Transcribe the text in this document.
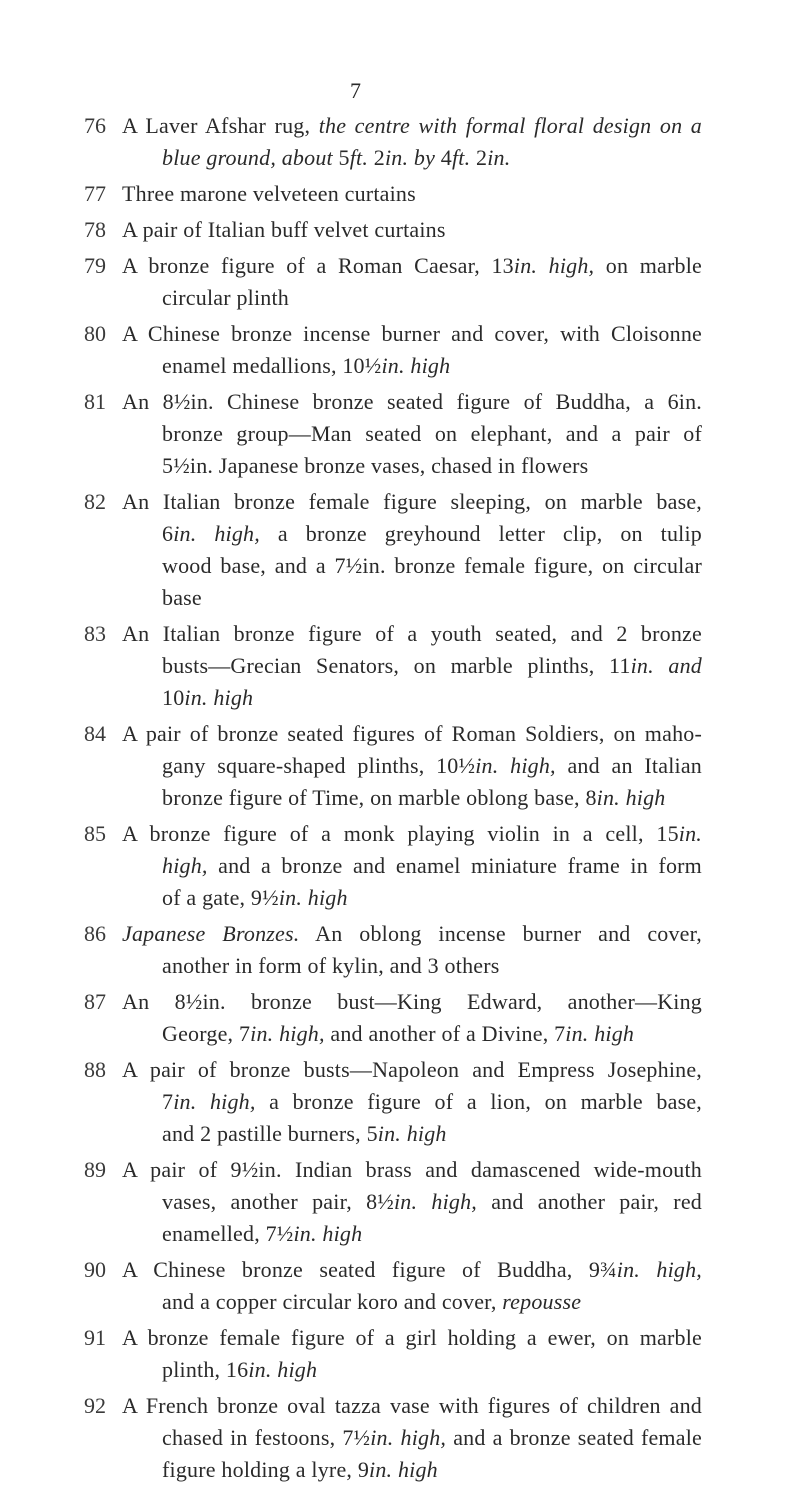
7
76 A Laver Afshar rug, the centre with formal floral design on a
blue ground, about 5ft. 2in. by 4ft. 2in.
77 Three marone velveteen curtains
78 A pair of Italian buff velvet curtains
79 A bronze figure of a Roman Caesar, 13in. high, on marble
circular plinth
80 A Chinese bronze incense burner and cover, with Cloisonne
enamel medallions, 10½in. high
81 An 8½in. Chinese bronze seated figure of Buddha, a 6in.
bronze group—Man seated on elephant, and a pair of
5½in. Japanese bronze vases, chased in flowers
82 An Italian bronze female figure sleeping, on marble base,
6in. high, a bronze greyhound letter clip, on tulip
wood base, and a 7½in. bronze female figure, on circular
base
83 An Italian bronze figure of a youth seated, and 2 bronze
busts—Grecian Senators, on marble plinths, 11in. and
10in. high
84 A pair of bronze seated figures of Roman Soldiers, on maho-
gany square-shaped plinths, 10½in. high, and an Italian
bronze figure of Time, on marble oblong base, 8in. high
85 A bronze figure of a monk playing violin in a cell, 15in.
high, and a bronze and enamel miniature frame in form
of a gate, 9½in. high
86 Japanese Bronzes. An oblong incense burner and cover,
another in form of kylin, and 3 others
87 An 8½in. bronze bust—King Edward, another—King
George, 7in. high, and another of a Divine, 7in. high
88 A pair of bronze busts—Napoleon and Empress Josephine,
7in. high, a bronze figure of a lion, on marble base,
and 2 pastille burners, 5in. high
89 A pair of 9½in. Indian brass and damascened wide-mouth
vases, another pair, 8½in. high, and another pair, red
enamelled, 7½in. high
90 A Chinese bronze seated figure of Buddha, 9¾in. high,
and a copper circular koro and cover, repousse
91 A bronze female figure of a girl holding a ewer, on marble
plinth, 16in. high
92 A French bronze oval tazza vase with figures of children and
chased in festoons, 7½in. high, and a bronze seated female
figure holding a lyre, 9in. high
